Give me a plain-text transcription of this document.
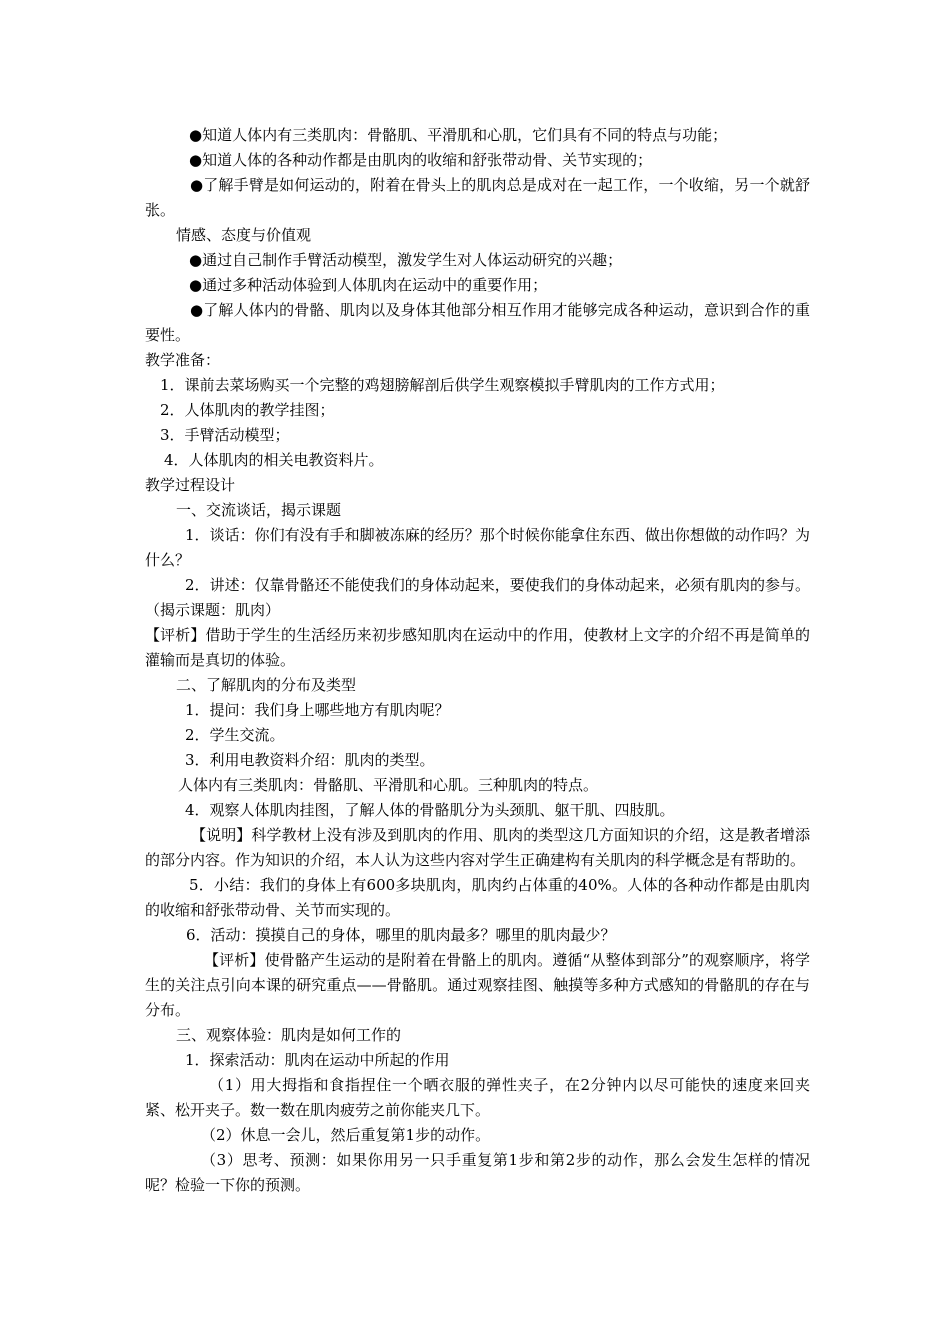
●知道人体内有三类肌肉：骨骼肌、平滑肌和心肌，它们具有不同的特点与功能；

●知道人体的各种动作都是由肌肉的收缩和舒张带动骨、关节实现的；

●了解手臂是如何运动的，附着在骨头上的肌肉总是成对在一起工作，一个收缩，另一个就舒张。

情感、态度与价值观

●通过自己制作手臂活动模型，激发学生对人体运动研究的兴趣；

●通过多种活动体验到人体肌肉在运动中的重要作用；

●了解人体内的骨骼、肌肉以及身体其他部分相互作用才能够完成各种运动，意识到合作的重要性。

教学准备：

1．课前去菜场购买一个完整的鸡翅膀解剖后供学生观察模拟手臂肌肉的工作方式用；

2．人体肌肉的教学挂图；

3．手臂活动模型；

4．人体肌肉的相关电教资料片。

教学过程设计

一、交流谈话，揭示课题

1．谈话：你们有没有手和脚被冻麻的经历？那个时候你能拿住东西、做出你想做的动作吗？为什么？

2．讲述：仅靠骨骼还不能使我们的身体动起来，要使我们的身体动起来，必须有肌肉的参与。（揭示课题：肌肉）

【评析】借助于学生的生活经历来初步感知肌肉在运动中的作用，使教材上文字的介绍不再是简单的灌输而是真切的体验。

二、了解肌肉的分布及类型

1．提问：我们身上哪些地方有肌肉呢？

2．学生交流。

3．利用电教资料介绍：肌肉的类型。

人体内有三类肌肉：骨骼肌、平滑肌和心肌。三种肌肉的特点。

4．观察人体肌肉挂图，了解人体的骨骼肌分为头颈肌、躯干肌、四肢肌。

【说明】科学教材上没有涉及到肌肉的作用、肌肉的类型这几方面知识的介绍，这是教者增添的部分内容。作为知识的介绍，本人认为这些内容对学生正确建构有关肌肉的科学概念是有帮助的。

5．小结：我们的身体上有600多块肌肉，肌肉约占体重的40%。人体的各种动作都是由肌肉的收缩和舒张带动骨、关节而实现的。

6．活动：摸摸自己的身体，哪里的肌肉最多？哪里的肌肉最少？

【评析】使骨骼产生运动的是附着在骨骼上的肌肉。遵循“从整体到部分”的观察顺序，将学生的关注点引向本课的研究重点——骨骼肌。通过观察挂图、触摸等多种方式感知的骨骼肌的存在与分布。

三、观察体验：肌肉是如何工作的

1．探索活动：肌肉在运动中所起的作用

（1）用大拇指和食指捏住一个晒衣服的弹性夹子，在2分钟内以尽可能快的速度来回夹紧、松开夹子。数一数在肌肉疲劳之前你能夹几下。

（2）休息一会儿，然后重复第1步的动作。

（3）思考、预测：如果你用另一只手重复第1步和第2步的动作，那么会发生怎样的情况呢？检验一下你的预测。
